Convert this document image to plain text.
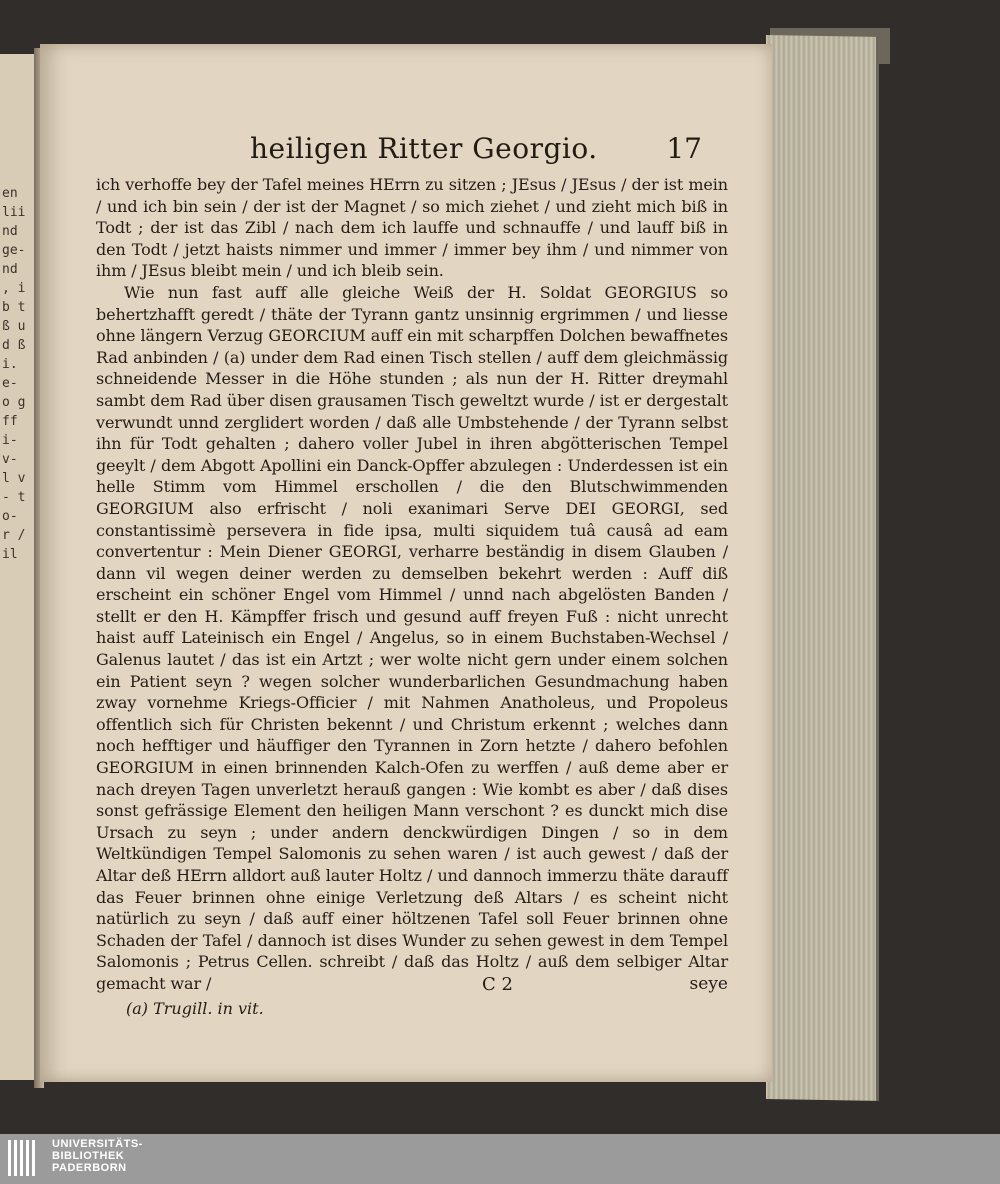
en lii nd ge- nd , ib t ß u d ß i. e- o g ff i- v- l v- t o- r / il
heiligen Ritter Georgio. 17

ich verhoffe bey der Tafel meines HErrn zu sitzen ; JEsus / JEsus / der ist mein / und ich bin sein / der ist der Magnet / so mich ziehet / und zieht mich biß in Todt ; der ist das Zibl / nach dem ich lauffe und schnauffe / und lauff biß in den Todt / jetzt haists nimmer und immer / immer bey ihm / und nimmer von ihm / JEsus bleibt mein / und ich bleib sein.

Wie nun fast auff alle gleiche Weiß der H. Soldat GEORGIUS so behertzhafft geredt / thäte der Tyrann gantz unsinnig ergrimmen / und liesse ohne längern Verzug GEORCIUM auff ein mit scharpffen Dolchen bewaffnetes Rad anbinden / (a) under dem Rad einen Tisch stellen / auff dem gleichmässig schneidende Messer in die Höhe stunden ; als nun der H. Ritter dreymahl sambt dem Rad über disen grausamen Tisch geweltzt wurde / ist er dergestalt verwundt unnd zerglidert worden / daß alle Umbstehende / der Tyrann selbst ihn für Todt gehalten ; dahero voller Jubel in ihren abgötterischen Tempel geeylt / dem Abgott Apollini ein Danck-Opffer abzulegen : Underdessen ist ein helle Stimm vom Himmel erschollen / die den Blutschwimmenden GEORGIUM also erfrischt / noli exanimari Serve DEI GEORGI, sed constantissimè persevera in fide ipsa, multi siquidem tuâ causâ ad eam convertentur : Mein Diener GEORGI, verharre beständig in disem Glauben / dann vil wegen deiner werden zu demselben bekehrt werden : Auff diß erscheint ein schöner Engel vom Himmel / unnd nach abgelösten Banden / stellt er den H. Kämpffer frisch und gesund auff freyen Fuß : nicht unrecht haist auff Lateinisch ein Engel / Angelus, so in einem Buchstaben-Wechsel / Galenus lautet / das ist ein Artzt ; wer wolte nicht gern under einem solchen ein Patient seyn ? wegen solcher wunderbarlichen Gesundmachung haben zway vornehme Kriegs-Officier / mit Nahmen Anatholeus, und Propoleus offentlich sich für Christen bekennt / und Christum erkennt ; welches dann noch hefftiger und häuffiger den Tyrannen in Zorn hetzte / dahero befohlen GEORGIUM in einen brinnenden Kalch-Ofen zu werffen / auß deme aber er nach dreyen Tagen unverletzt herauß gangen : Wie kombt es aber / daß dises sonst gefrässige Element den heiligen Mann verschont ? es dunckt mich dise Ursach zu seyn ; under andern denckwürdigen Dingen / so in dem Weltkündigen Tempel Salomonis zu sehen waren / ist auch gewest / daß der Altar deß HErrn alldort auß lauter Holtz / und dannoch immerzu thäte darauff das Feuer brinnen ohne einige Verletzung deß Altars / es scheint nicht natürlich zu seyn / daß auff einer höltzenen Tafel soll Feuer brinnen ohne Schaden der Tafel / dannoch ist dises Wunder zu sehen gewest in dem Tempel Salomonis ; Petrus Cellen. schreibt / daß das Holtz / auß dem selbiger Altar gemacht war /	C 2	seye
(a) Trugill. in vit.
UNIVERSITÄTS-
BIBLIOTHEK
PADERBORN
